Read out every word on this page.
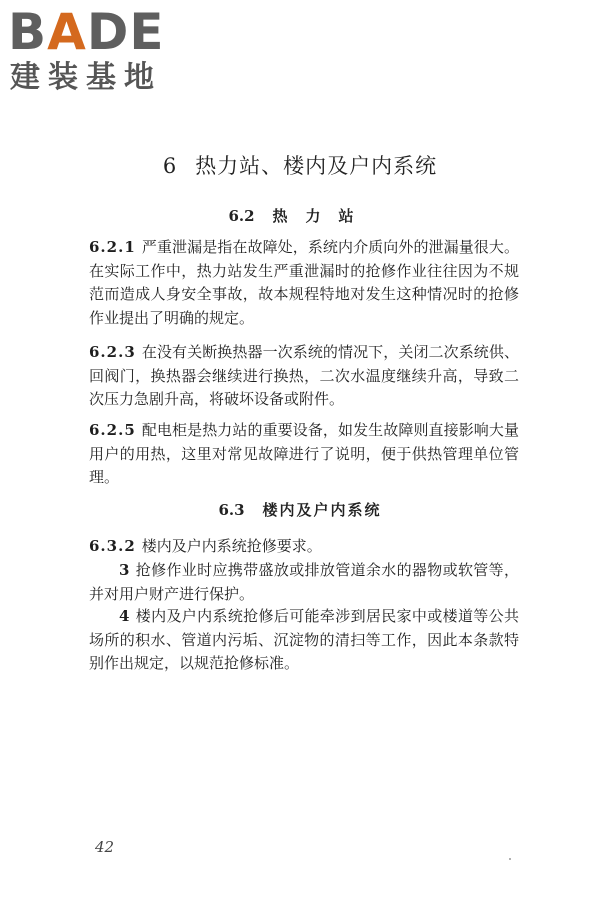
BADE
建装基地
6 热力站、楼内及户内系统
6.2 热力站

6.2.1 严重泄漏是指在故障处，系统内介质向外的泄漏量很大。在实际工作中，热力站发生严重泄漏时的抢修作业往往因为不规范而造成人身安全事故，故本规程特地对发生这种情况时的抢修作业提出了明确的规定。

6.2.3 在没有关断换热器一次系统的情况下，关闭二次系统供、回阀门，换热器会继续进行换热，二次水温度继续升高，导致二次压力急剧升高，将破坏设备或附件。

6.2.5 配电柜是热力站的重要设备，如发生故障则直接影响大量用户的用热，这里对常见故障进行了说明，便于供热管理单位管理。

6.3 楼内及户内系统

6.3.2 楼内及户内系统抢修要求。

3 抢修作业时应携带盛放或排放管道余水的器物或软管等，并对用户财产进行保护。

4 楼内及户内系统抢修后可能牵涉到居民家中或楼道等公共场所的积水、管道内污垢、沉淀物的清扫等工作，因此本条款特别作出规定，以规范抢修标准。

42
